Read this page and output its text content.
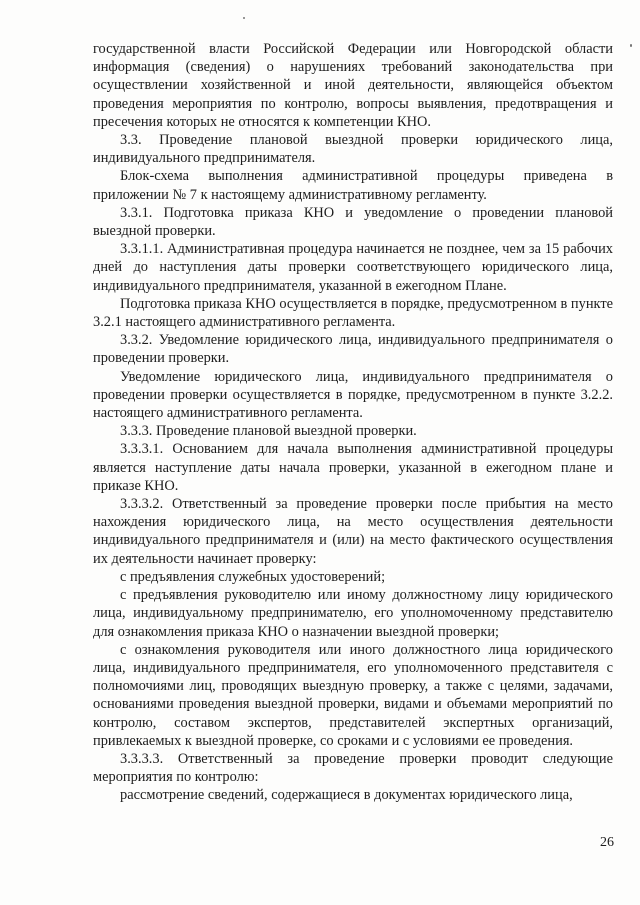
государственной власти Российской Федерации или Новгородской области информация (сведения) о нарушениях требований законодательства при осуществлении хозяйственной и иной деятельности, являющейся объектом проведения мероприятия по контролю, вопросы выявления, предотвращения и пресечения которых не относятся к компетенции КНО.

3.3. Проведение плановой выездной проверки юридического лица, индивидуального предпринимателя.

Блок-схема выполнения административной процедуры приведена в приложении № 7 к настоящему административному регламенту.

3.3.1. Подготовка приказа КНО и уведомление о проведении плановой выездной проверки.

3.3.1.1. Административная процедура начинается не позднее, чем за 15 рабочих дней до наступления даты проверки соответствующего юридического лица, индивидуального предпринимателя, указанной в ежегодном Плане.

Подготовка приказа КНО осуществляется в порядке, предусмотренном в пункте 3.2.1 настоящего административного регламента.

3.3.2. Уведомление юридического лица, индивидуального предпринимателя о проведении проверки.

Уведомление юридического лица, индивидуального предпринимателя о проведении проверки осуществляется в порядке, предусмотренном в пункте 3.2.2. настоящего административного регламента.

3.3.3. Проведение плановой выездной проверки.

3.3.3.1. Основанием для начала выполнения административной процедуры является наступление даты начала проверки, указанной в ежегодном плане и приказе КНО.

3.3.3.2. Ответственный за проведение проверки после прибытия на место нахождения юридического лица, на место осуществления деятельности индивидуального предпринимателя и (или) на место фактического осуществления их деятельности начинает проверку:

с предъявления служебных удостоверений;

с предъявления руководителю или иному должностному лицу юридического лица, индивидуальному предпринимателю, его уполномоченному представителю для ознакомления приказа КНО о назначении выездной проверки;

с ознакомления руководителя или иного должностного лица юридического лица, индивидуального предпринимателя, его уполномоченного представителя с полномочиями лиц, проводящих выездную проверку, а также с целями, задачами, основаниями проведения выездной проверки, видами и объемами мероприятий по контролю, составом экспертов, представителей экспертных организаций, привлекаемых к выездной проверке, со сроками и с условиями ее проведения.

3.3.3.3. Ответственный за проведение проверки проводит следующие мероприятия по контролю:

рассмотрение сведений, содержащиеся в документах юридического лица,

26
